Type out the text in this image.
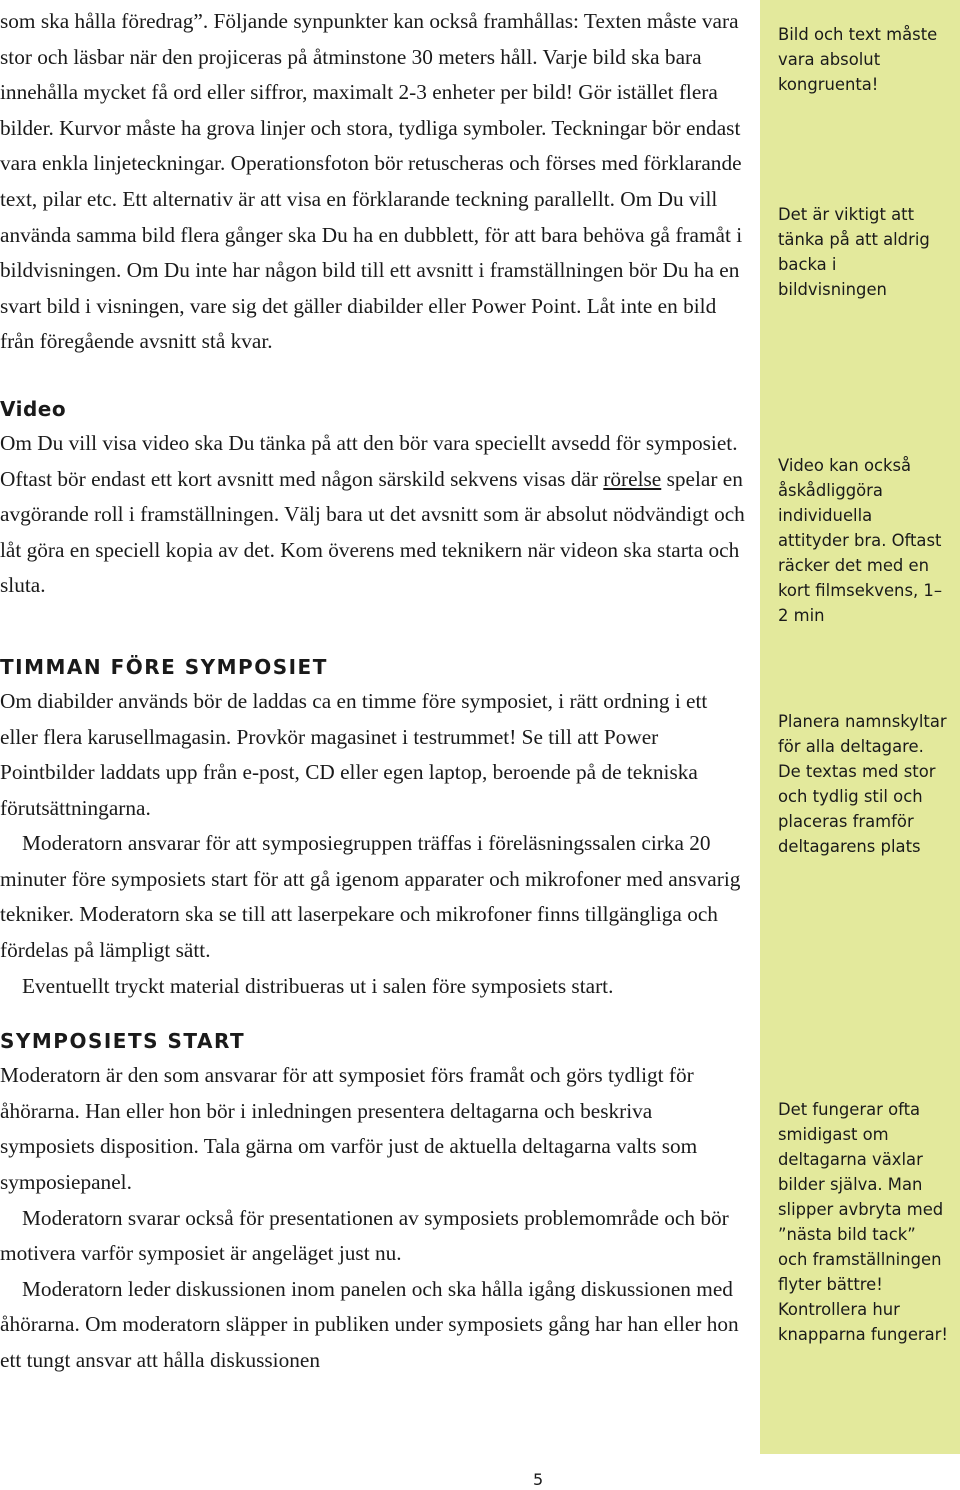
som ska hålla föredrag”. Följande synpunkter kan också framhållas: Texten måste vara stor och läsbar när den projiceras på åtminstone 30 meters håll. Varje bild ska bara innehålla mycket få ord eller siffror, maximalt 2-3 enheter per bild! Gör istället flera bilder. Kurvor måste ha grova linjer och stora, tydliga symboler. Teckningar bör endast vara enkla linjeteckningar. Operationsfoton bör retuscheras och förses med förklarande text, pilar etc. Ett alternativ är att visa en förklarande teckning parallellt. Om Du vill använda samma bild flera gånger ska Du ha en dubblett, för att bara behöva gå framåt i bildvisningen. Om Du inte har någon bild till ett avsnitt i framställningen bör Du ha en svart bild i visningen, vare sig det gäller diabilder eller Power Point. Låt inte en bild från föregående avsnitt stå kvar.

Video

Om Du vill visa video ska Du tänka på att den bör vara speciellt avsedd för symposiet. Oftast bör endast ett kort avsnitt med någon särskild sekvens visas där rörelse spelar en avgörande roll i framställningen. Välj bara ut det avsnitt som är absolut nödvändigt och låt göra en speciell kopia av det. Kom överens med teknikern när videon ska starta och sluta.

TIMMAN FÖRE SYMPOSIET

Om diabilder används bör de laddas ca en timme före symposiet, i rätt ordning i ett eller flera karusellmagasin. Provkör magasinet i testrummet! Se till att Power Pointbilder laddats upp från e-post, CD eller egen laptop, beroende på de tekniska förutsättningarna.

Moderatorn ansvarar för att symposiegruppen träffas i föreläsningssalen cirka 20 minuter före symposiets start för att gå igenom apparater och mikrofoner med ansvarig tekniker. Moderatorn ska se till att laserpekare och mikrofoner finns tillgängliga och fördelas på lämpligt sätt.

Eventuellt tryckt material distribueras ut i salen före symposiets start.

SYMPOSIETS START

Moderatorn är den som ansvarar för att symposiet förs framåt och görs tydligt för åhörarna. Han eller hon bör i inledningen presentera deltagarna och beskriva symposiets disposition. Tala gärna om varför just de aktuella deltagarna valts som symposiepanel.

Moderatorn svarar också för presentationen av symposiets problemområde och bör motivera varför symposiet är angeläget just nu.

Moderatorn leder diskussionen inom panelen och ska hålla igång diskussionen med åhörarna. Om moderatorn släpper in publiken under symposiets gång har han eller hon ett tungt ansvar att hålla diskussionen

Bild och text måste vara absolut kongruenta!
Det är viktigt att tänka på att aldrig backa i bildvisningen
Video kan också åskådliggöra individuella attityder bra. Oftast räcker det med en kort filmsekvens, 1–2 min
Planera namnskyltar för alla deltagare. De textas med stor och tydlig stil och placeras framför deltagarens plats
Det fungerar ofta smidigast om deltagarna växlar bilder själva. Man slipper avbryta med ”nästa bild tack” och framställningen flyter bättre! Kontrollera hur knapparna fungerar!
5
